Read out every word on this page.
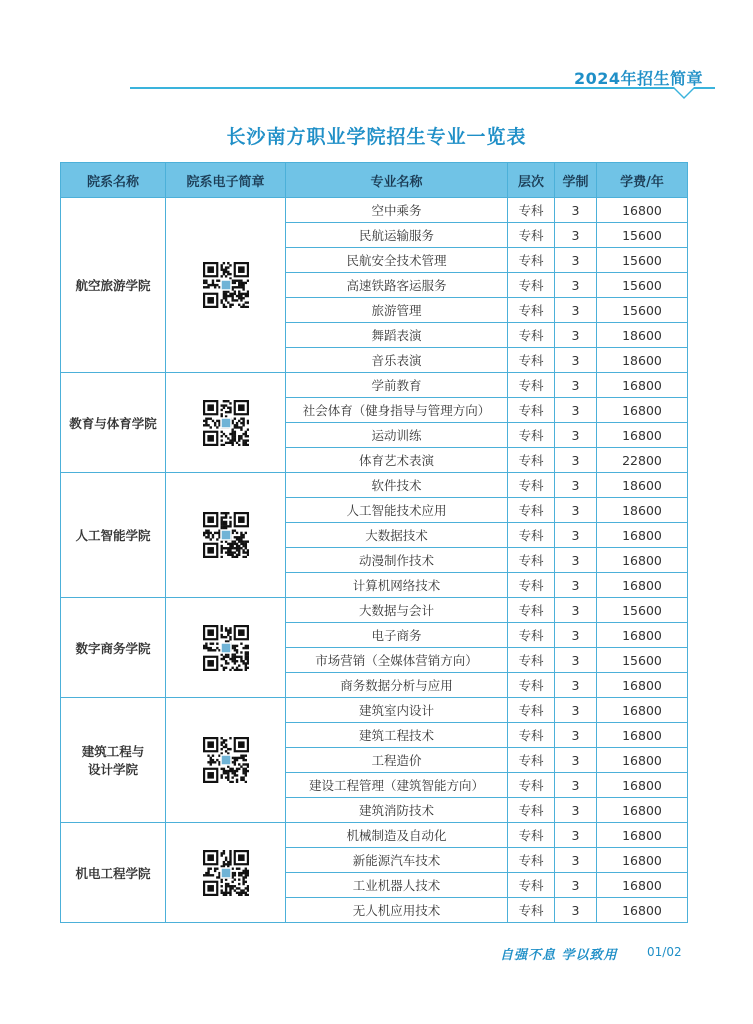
2024年招生简章
长沙南方职业学院招生专业一览表
院系名称	院系电子简章	专业名称	层次	学制	学费/年
航空旅游学院		空中乘务	专科	3	16800
		民航运输服务	专科	3	15600
		民航安全技术管理	专科	3	15600
		高速铁路客运服务	专科	3	15600
		旅游管理	专科	3	15600
		舞蹈表演	专科	3	18600
		音乐表演	专科	3	18600
教育与体育学院		学前教育	专科	3	16800
		社会体育（健身指导与管理方向）	专科	3	16800
		运动训练	专科	3	16800
		体育艺术表演	专科	3	22800
人工智能学院		软件技术	专科	3	18600
		人工智能技术应用	专科	3	18600
		大数据技术	专科	3	16800
		动漫制作技术	专科	3	16800
		计算机网络技术	专科	3	16800
数字商务学院		大数据与会计	专科	3	15600
		电子商务	专科	3	16800
		市场营销（全媒体营销方向）	专科	3	15600
		商务数据分析与应用	专科	3	16800

建筑工程与
设计学院		建筑室内设计	专科	3	16800
		建筑工程技术	专科	3	16800
		工程造价	专科	3	16800
		建设工程管理（建筑智能方向）	专科	3	16800
		建筑消防技术	专科	3	16800
机电工程学院		机械制造及自动化	专科	3	16800
		新能源汽车技术	专科	3	16800
		工业机器人技术	专科	3	16800
		无人机应用技术	专科	3	16800
自强不息 学以致用 01/02
